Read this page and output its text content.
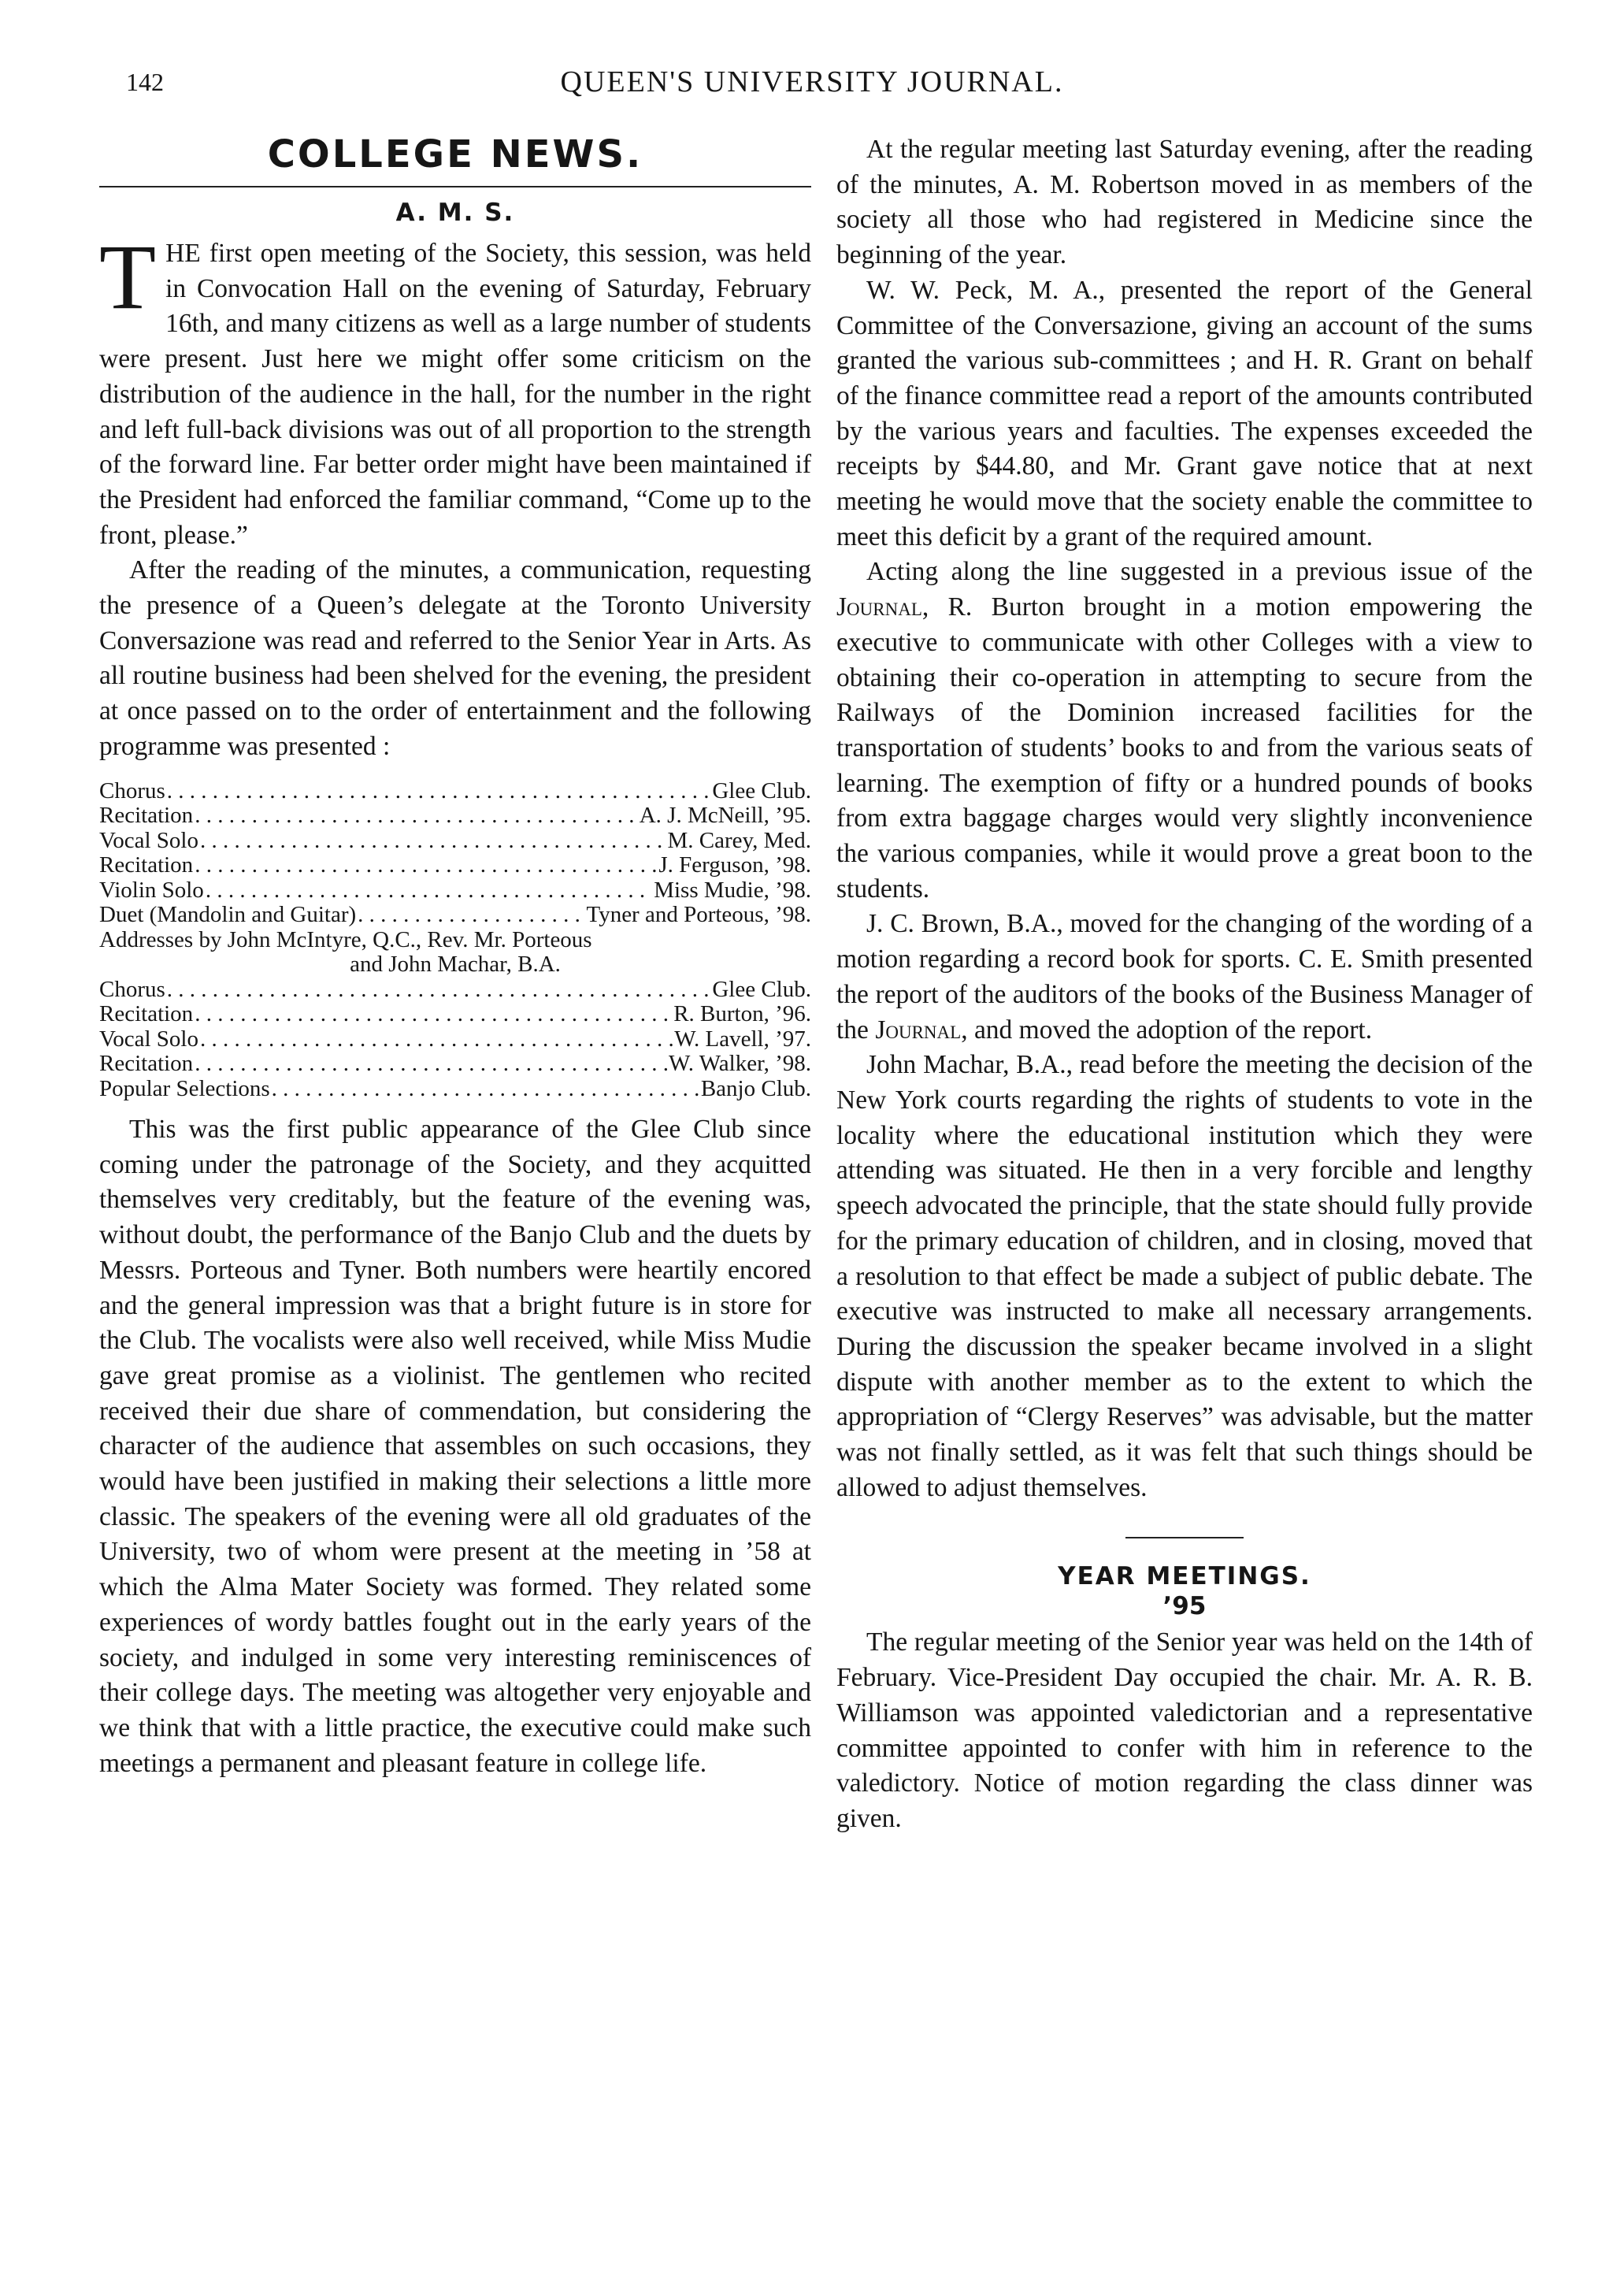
142	QUEEN'S UNIVERSITY JOURNAL.
COLLEGE NEWS.
A. M. S.

THE first open meeting of the Society, this session, was held in Convocation Hall on the evening of Saturday, February 16th, and many citizens as well as a large number of students were present. Just here we might offer some criticism on the distribution of the audience in the hall, for the number in the right and left full-back divisions was out of all proportion to the strength of the forward line. Far better order might have been maintained if the President had enforced the familiar command, “Come up to the front, please.”

After the reading of the minutes, a communication, requesting the presence of a Queen’s delegate at the Toronto University Conversazione was read and referred to the Senior Year in Arts. As all routine business had been shelved for the evening, the president at once passed on to the order of entertainment and the following programme was presented :

Chorus . . .	Glee Club.
Recitation . . .	A. J. McNeill, ’95.
Vocal Solo . . .	M. Carey, Med.
Recitation . . .	J. Ferguson, ’98.
Violin Solo . . .	Miss Mudie, ’98.
Duet (Mandolin and Guitar) . . .	Tyner and Porteous, ’98.
Addresses by John McIntyre, Q.C., Rev. Mr. Porteous
and John Machar, B.A.
Chorus . . .	Glee Club.
Recitation . . .	R. Burton, ’96.
Vocal Solo . . .	W. Lavell, ’97.
Recitation . . .	W. Walker, ’98.
Popular Selections . . .	Banjo Club.

This was the first public appearance of the Glee Club since coming under the patronage of the Society, and they acquitted themselves very creditably, but the feature of the evening was, without doubt, the performance of the Banjo Club and the duets by Messrs. Porteous and Tyner. Both numbers were heartily encored and the general impression was that a bright future is in store for the Club. The vocalists were also well received, while Miss Mudie gave great promise as a violinist. The gentlemen who recited received their due share of commendation, but considering the character of the audience that assembles on such occasions, they would have been justified in making their selections a little more classic. The speakers of the evening were all old graduates of the University, two of whom were present at the meeting in ’58 at which the Alma Mater Society was formed. They related some experiences of wordy battles fought out in the early years of the society, and indulged in some very interesting reminiscences of their college days. The meeting was altogether very enjoyable and we think that with a little practice, the executive could make such meetings a permanent and pleasant feature in college life.

At the regular meeting last Saturday evening, after the reading of the minutes, A. M. Robertson moved in as members of the society all those who had registered in Medicine since the beginning of the year.

W. W. Peck, M. A., presented the report of the General Committee of the Conversazione, giving an account of the sums granted the various sub-committees ; and H. R. Grant on behalf of the finance committee read a report of the amounts contributed by the various years and faculties. The expenses exceeded the receipts by $44.80, and Mr. Grant gave notice that at next meeting he would move that the society enable the committee to meet this deficit by a grant of the required amount.

Acting along the line suggested in a previous issue of the Journal, R. Burton brought in a motion empowering the executive to communicate with other Colleges with a view to obtaining their co-operation in attempting to secure from the Railways of the Dominion increased facilities for the transportation of students’ books to and from the various seats of learning. The exemption of fifty or a hundred pounds of books from extra baggage charges would very slightly inconvenience the various companies, while it would prove a great boon to the students.

J. C. Brown, B.A., moved for the changing of the wording of a motion regarding a record book for sports. C. E. Smith presented the report of the auditors of the books of the Business Manager of the Journal, and moved the adoption of the report.

John Machar, B.A., read before the meeting the decision of the New York courts regarding the rights of students to vote in the locality where the educational institution which they were attending was situated. He then in a very forcible and lengthy speech advocated the principle, that the state should fully provide for the primary education of children, and in closing, moved that a resolution to that effect be made a subject of public debate. The executive was instructed to make all necessary arrangements. During the discussion the speaker became involved in a slight dispute with another member as to the extent to which the appropriation of “Clergy Reserves” was advisable, but the matter was not finally settled, as it was felt that such things should be allowed to adjust themselves.

YEAR MEETINGS.
’95

The regular meeting of the Senior year was held on the 14th of February. Vice-President Day occupied the chair. Mr. A. R. B. Williamson was appointed valedictorian and a representative committee appointed to confer with him in reference to the valedictory. Notice of motion regarding the class dinner was given.
